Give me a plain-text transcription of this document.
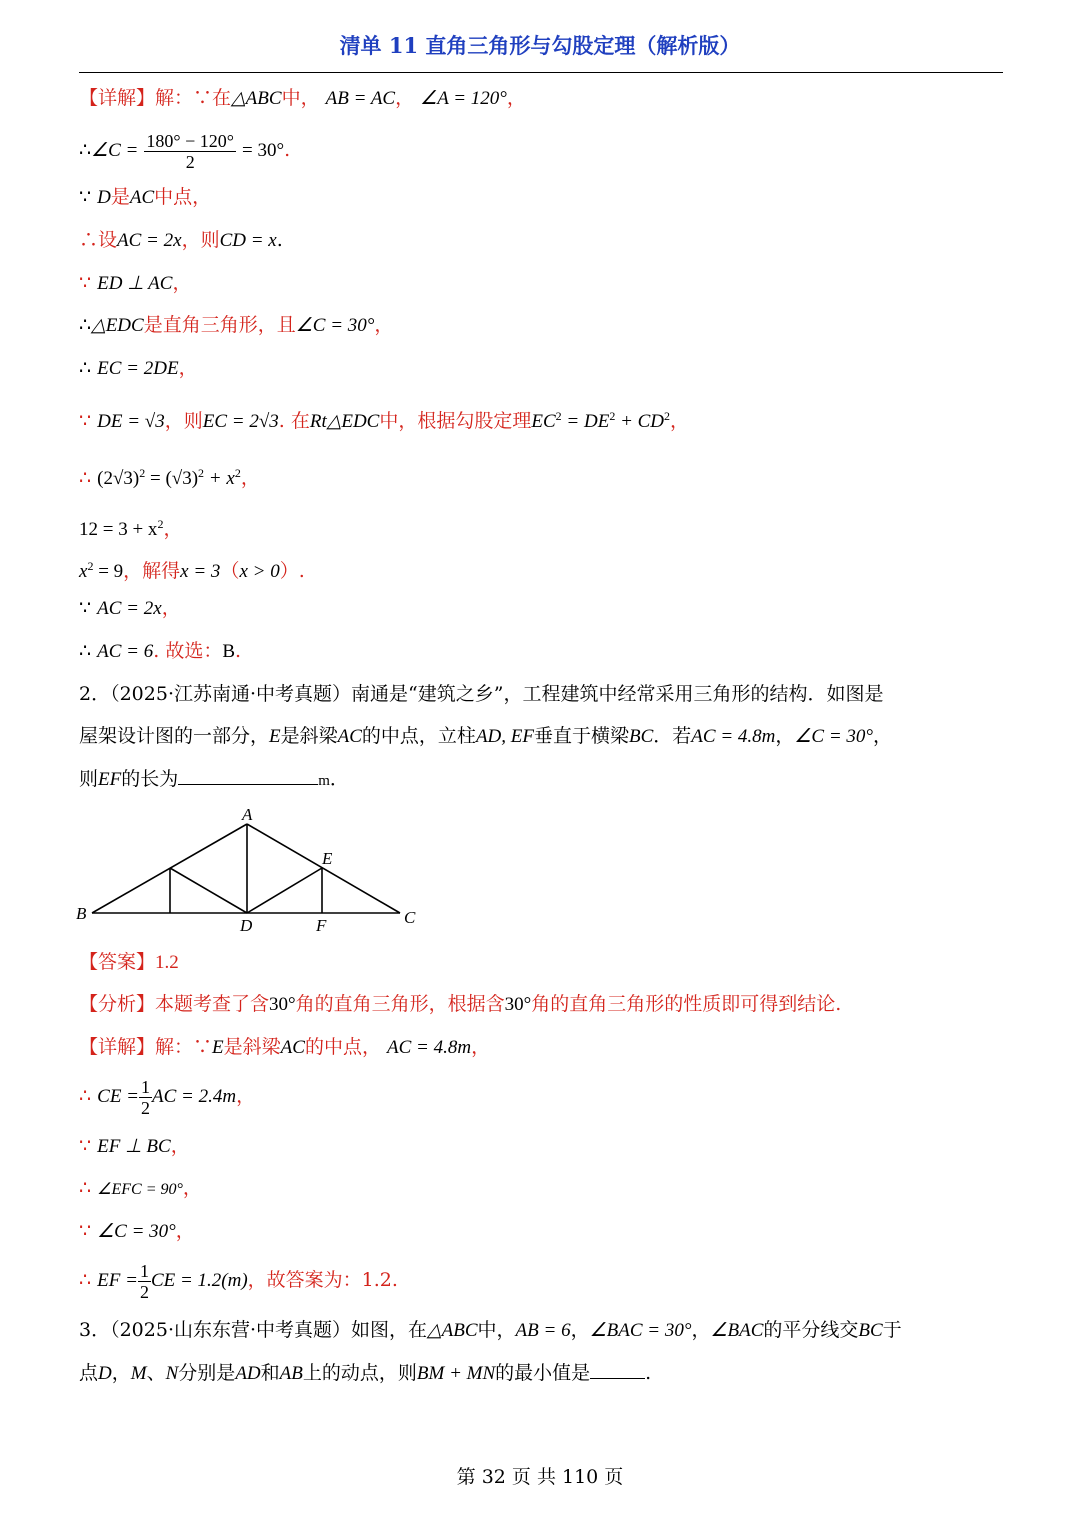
清单 11 直角三角形与勾股定理（解析版）
【详解】解：∵在△ABC中， AB = AC， ∠A = 120°，
∴∠C = $\frac{180^\circ - 120^\circ}{2} = 30^\circ$.
∵ D是AC中点，
∴设AC = 2x，则CD = x.
∵ ED ⊥ AC，
∴△EDC是直角三角形，且∠C = 30°，
∴ EC = 2DE，
∵ DE = √3，则EC = 2√3. 在Rt△EDC中，根据勾股定理$EC^2 = DE^2 + CD^2$，
∴ $(2√3)^2 = (√3)^2 + x^2$，
$12 = 3 + x^2$，
$x^2 = 9$，解得x = 3（x > 0）.
∵ AC = 2x，
∴ AC = 6. 故选：B.
2．（2025·江苏南通·中考真题）南通是“建筑之乡”，工程建筑中经常采用三角形的结构．如图是
屋架设计图的一部分，E是斜梁AC的中点，立柱AD, EF垂直于横梁BC．若AC = 4.8m，∠C = 30°，
则EF的长为	m．
A
B	C
D
E
F
【答案】1.2
【分析】本题考查了含30°角的直角三角形，根据含30°角的直角三角形的性质即可得到结论.
【详解】解：∵E是斜梁AC的中点， AC = 4.8m，
∴ CE = $\frac{1}{2}$ AC = 2.4m，
∵ EF ⊥ BC，
∴ ∠EFC = 90°，
∵ ∠C = 30°，
∴ EF = $\frac{1}{2}$ CE = 1.2(m)，故答案为：1.2.
3．（2025·山东东营·中考真题）如图，在△ABC中，AB = 6，∠BAC = 30°，∠BAC的平分线交BC于
点D，M、N分别是AD和AB上的动点，则BM + MN的最小值是	.
第 32 页 共 110 页
